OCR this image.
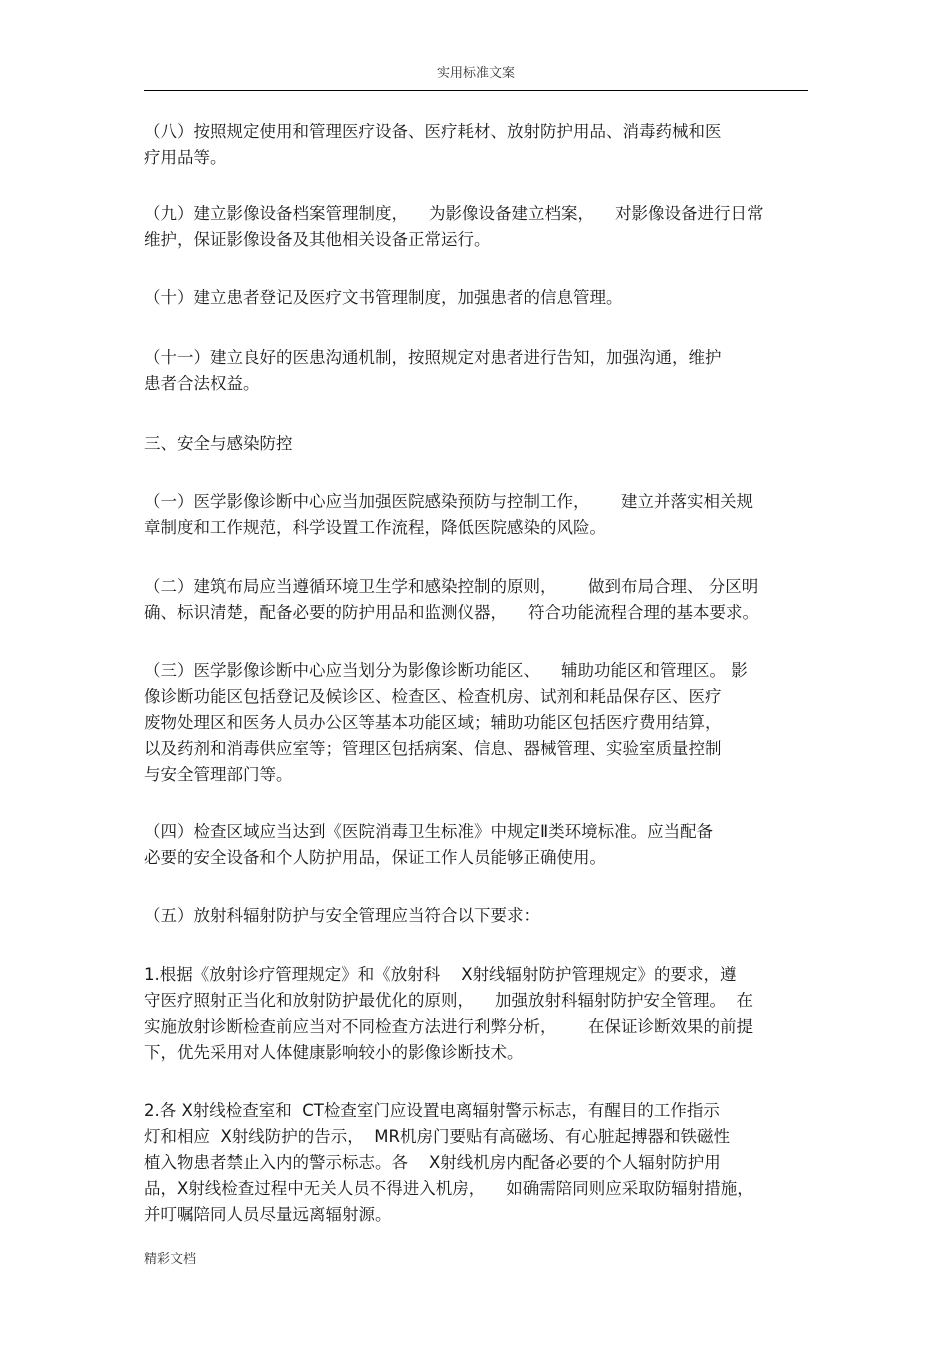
实用标准文案
（八）按照规定使用和管理医疗设备、医疗耗材、放射防护用品、消毒药械和医
疗用品等。
（九）建立影像设备档案管理制度，    为影像设备建立档案，    对影像设备进行日常
维护，保证影像设备及其他相关设备正常运行。
（十）建立患者登记及医疗文书管理制度，加强患者的信息管理。
（十一）建立良好的医患沟通机制，按照规定对患者进行告知，加强沟通，维护
患者合法权益。
三、安全与感染防控
（一）医学影像诊断中心应当加强医院感染预防与控制工作，      建立并落实相关规
章制度和工作规范，科学设置工作流程，降低医院感染的风险。
（二）建筑布局应当遵循环境卫生学和感染控制的原则，      做到布局合理、 分区明
确、标识清楚，配备必要的防护用品和监测仪器，    符合功能流程合理的基本要求。
（三）医学影像诊断中心应当划分为影像诊断功能区、    辅助功能区和管理区。 影
像诊断功能区包括登记及候诊区、检查区、检查机房、试剂和耗品保存区、医疗
废物处理区和医务人员办公区等基本功能区域；辅助功能区包括医疗费用结算，
以及药剂和消毒供应室等；管理区包括病案、信息、器械管理、实验室质量控制
与安全管理部门等。
（四）检查区域应当达到《医院消毒卫生标准》中规定Ⅱ类环境标准。应当配备
必要的安全设备和个人防护用品，保证工作人员能够正确使用。
（五）放射科辐射防护与安全管理应当符合以下要求：
1.根据《放射诊疗管理规定》和《放射科    X射线辐射防护管理规定》的要求，遵
守医疗照射正当化和放射防护最优化的原则，    加强放射科辐射防护安全管理。  在
实施放射诊断检查前应当对不同检查方法进行利弊分析，      在保证诊断效果的前提
下，优先采用对人体健康影响较小的影像诊断技术。
2.各 X射线检查室和  CT检查室门应设置电离辐射警示标志，有醒目的工作指示
灯和相应  X射线防护的告示，  MR机房门要贴有高磁场、有心脏起搏器和铁磁性
植入物患者禁止入内的警示标志。各    X射线机房内配备必要的个人辐射防护用
品，X射线检查过程中无关人员不得进入机房，    如确需陪同则应采取防辐射措施，
并叮嘱陪同人员尽量远离辐射源。
精彩文档
